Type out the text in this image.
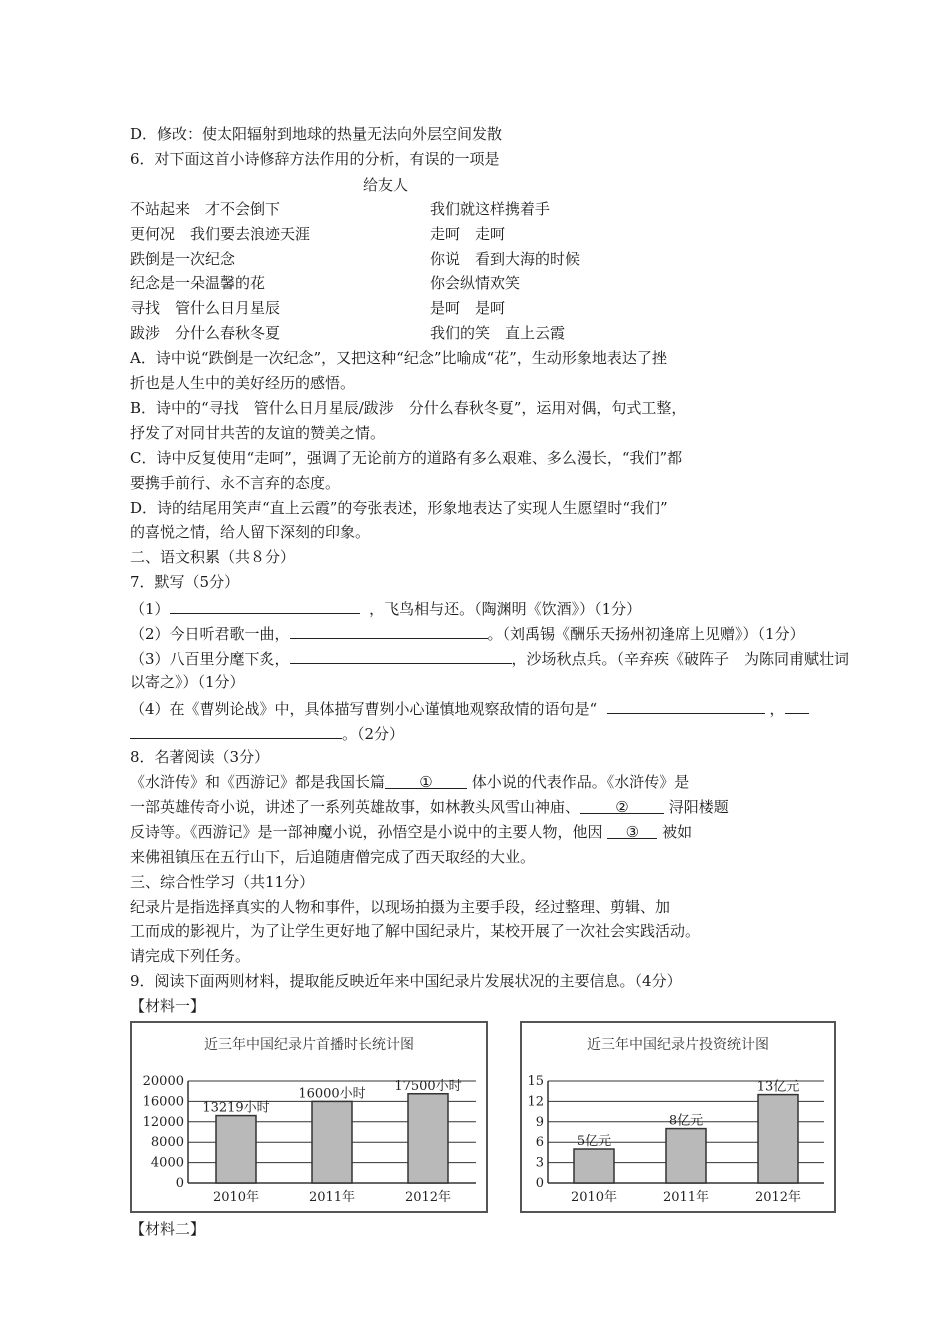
D．修改：使太阳辐射到地球的热量无法向外层空间发散
6．对下面这首小诗修辞方法作用的分析，有误的一项是
给友人
不站起来　才不会倒下	我们就这样携着手
更何况　我们要去浪迹天涯	走呵　走呵
跌倒是一次纪念	你说　看到大海的时候
纪念是一朵温馨的花	你会纵情欢笑
寻找　管什么日月星辰	是呵　是呵
跋涉　分什么春秋冬夏	我们的笑　直上云霞
A．诗中说“跌倒是一次纪念”，又把这种“纪念”比喻成“花”，生动形象地表达了挫
折也是人生中的美好经历的感悟。
B．诗中的“寻找　管什么日月星辰/跋涉　分什么春秋冬夏”，运用对偶，句式工整，
抒发了对同甘共苦的友谊的赞美之情。
C．诗中反复使用“走呵”，强调了无论前方的道路有多么艰难、多么漫长，“我们”都
要携手前行、永不言弃的态度。
D．诗的结尾用笑声“直上云霞”的夸张表述，形象地表达了实现人生愿望时“我们”
的喜悦之情，给人留下深刻的印象。
二、语文积累（共８分）
7．默写（5分）
（1）	，飞鸟相与还。（陶渊明《饮酒》）（1分）
（2）今日听君歌一曲，	。（刘禹锡《酬乐天扬州初逢席上见赠》）（1分）
（3）八百里分麾下炙，	，沙场秋点兵。（辛弃疾《破阵子　为陈同甫赋壮词
以寄之》）（1分）
（4）在《曹刿论战》中，具体描写曹刿小心谨慎地观察敌情的语句是“	，
。（2分）
8．名著阅读（3分）
《水浒传》和《西游记》都是我国长篇 ①	体小说的代表作品。《水浒传》是
一部英雄传奇小说，讲述了一系列英雄故事，如林教头风雪山神庙、 ②	浔阳楼题
反诗等。《西游记》是一部神魔小说，孙悟空是小说中的主要人物，他因 ③ 被如
来佛祖镇压在五行山下，后追随唐僧完成了西天取经的大业。
三、综合性学习（共11分）
纪录片是指选择真实的人物和事件，以现场拍摄为主要手段，经过整理、剪辑、加
工而成的影视片，为了让学生更好地了解中国纪录片，某校开展了一次社会实践活动。
请完成下列任务。
9．阅读下面两则材料，提取能反映近年来中国纪录片发展状况的主要信息。（4分）
【材料一】
近三年中国纪录片首播时长统计图
0
4000
8000
12000
16000
20000
13219小时
2010年
16000小时
2011年
17500小时
2012年
近三年中国纪录片投资统计图
0
3
6
9
12
15
5亿元
2010年
8亿元
2011年
13亿元
2012年
【材料二】
